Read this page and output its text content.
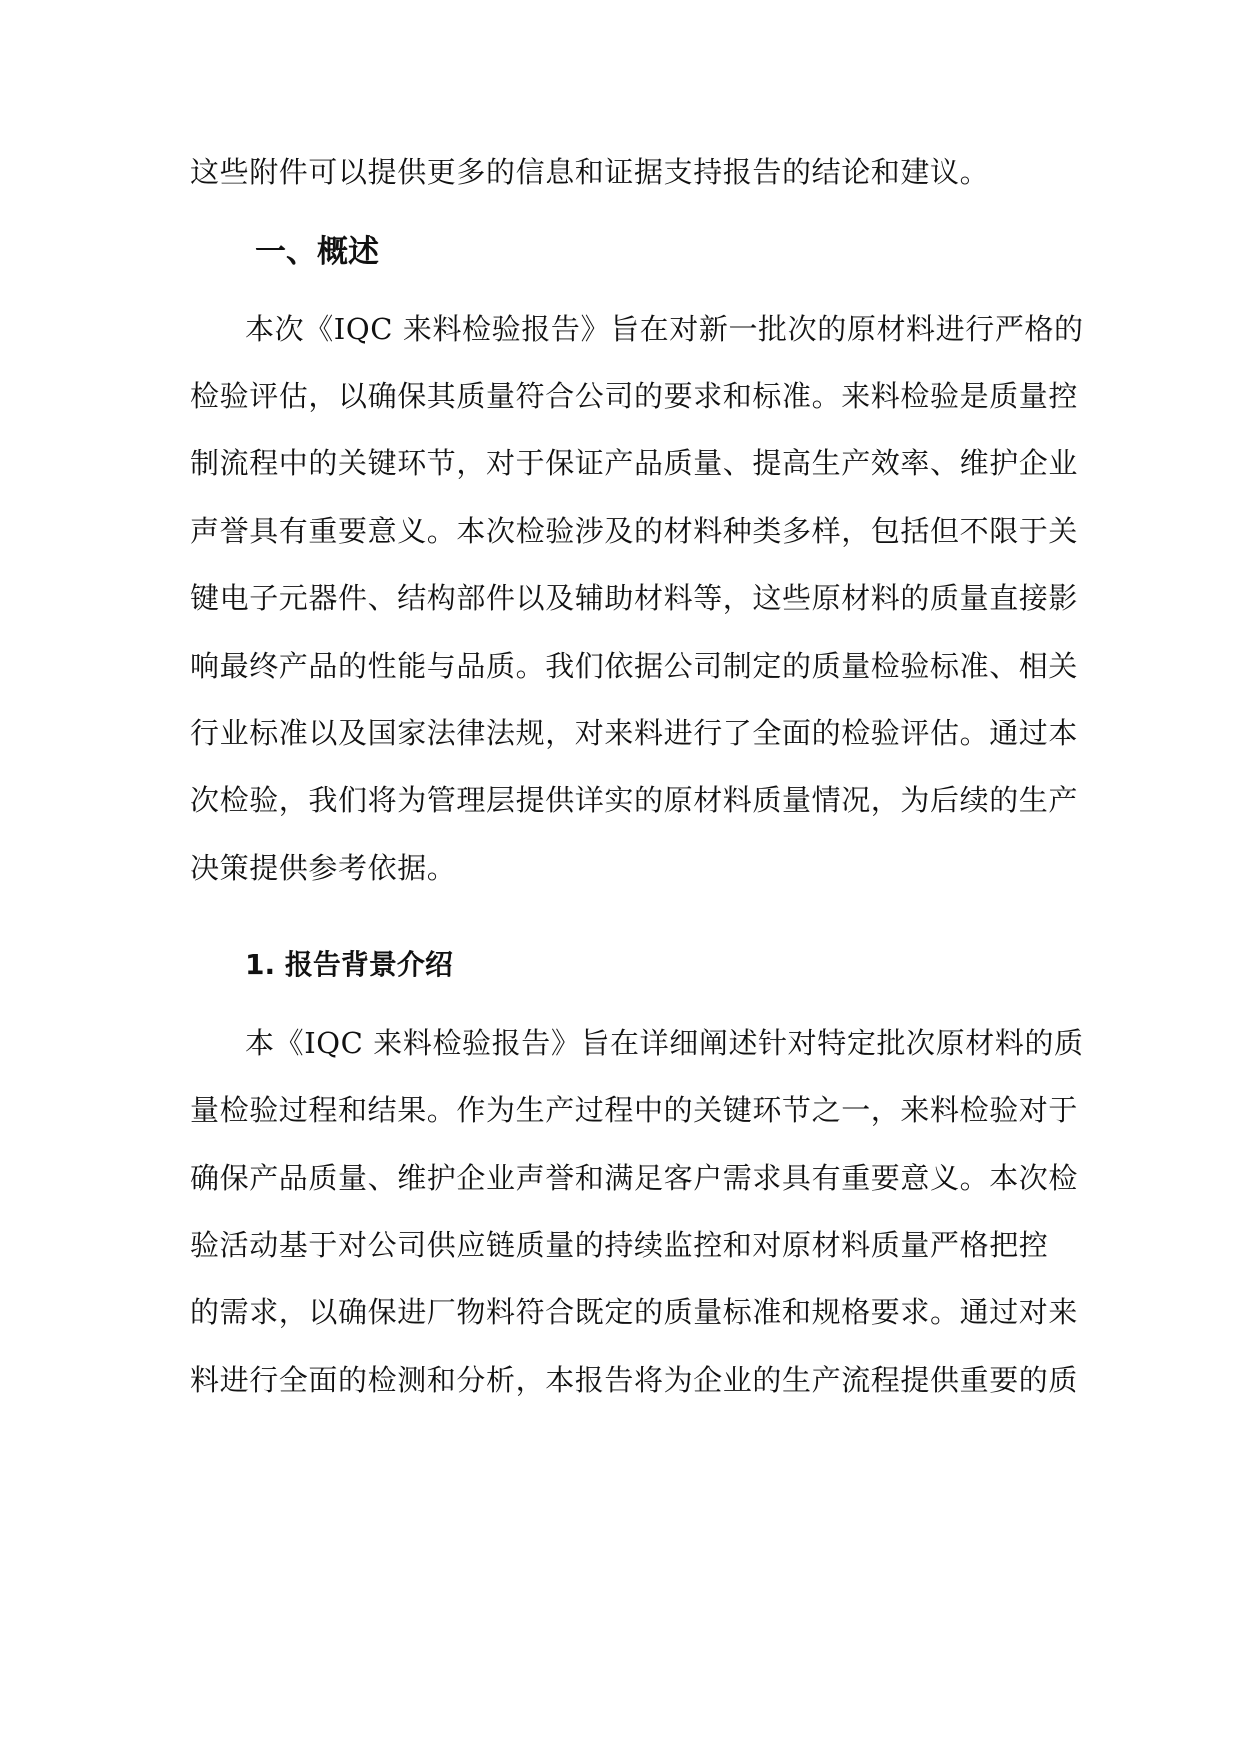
这些附件可以提供更多的信息和证据支持报告的结论和建议。
一、概述
本次《IQC 来料检验报告》旨在对新一批次的原材料进行严格的
检验评估，以确保其质量符合公司的要求和标准。来料检验是质量控
制流程中的关键环节，对于保证产品质量、提高生产效率、维护企业
声誉具有重要意义。本次检验涉及的材料种类多样，包括但不限于关
键电子元器件、结构部件以及辅助材料等，这些原材料的质量直接影
响最终产品的性能与品质。我们依据公司制定的质量检验标准、相关
行业标准以及国家法律法规，对来料进行了全面的检验评估。通过本
次检验，我们将为管理层提供详实的原材料质量情况，为后续的生产
决策提供参考依据。
1. 报告背景介绍
本《IQC 来料检验报告》旨在详细阐述针对特定批次原材料的质
量检验过程和结果。作为生产过程中的关键环节之一，来料检验对于
确保产品质量、维护企业声誉和满足客户需求具有重要意义。本次检
验活动基于对公司供应链质量的持续监控和对原材料质量严格把控
的需求，以确保进厂物料符合既定的质量标准和规格要求。通过对来
料进行全面的检测和分析，本报告将为企业的生产流程提供重要的质
